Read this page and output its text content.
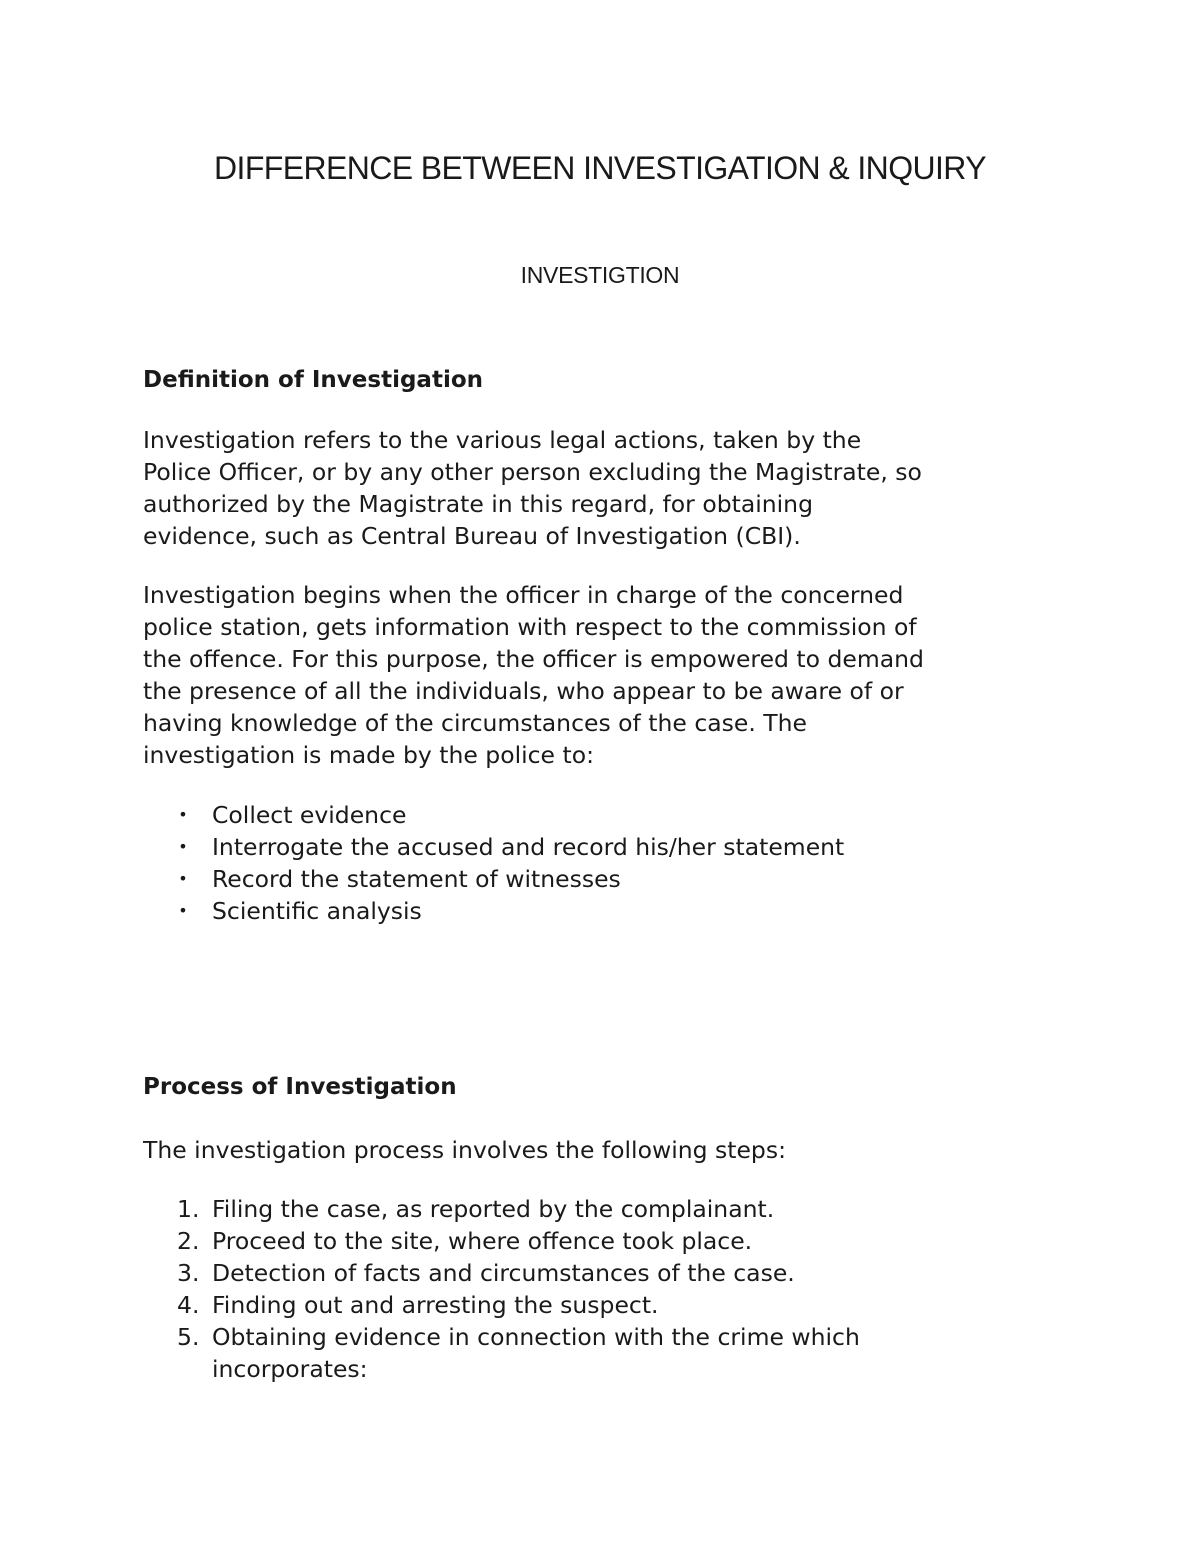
DIFFERENCE BETWEEN INVESTIGATION & INQUIRY
INVESTIGTION
Definition of Investigation

Investigation refers to the various legal actions, taken by the
Police Officer, or by any other person excluding the Magistrate, so
authorized by the Magistrate in this regard, for obtaining
evidence, such as Central Bureau of Investigation (CBI).

Investigation begins when the officer in charge of the concerned
police station, gets information with respect to the commission of
the offence. For this purpose, the officer is empowered to demand
the presence of all the individuals, who appear to be aware of or
having knowledge of the circumstances of the case. The
investigation is made by the police to:

• Collect evidence
• Interrogate the accused and record his/her statement
• Record the statement of witnesses
• Scientific analysis
Process of Investigation

The investigation process involves the following steps:

1. Filing the case, as reported by the complainant.
2. Proceed to the site, where offence took place.
3. Detection of facts and circumstances of the case.
4. Finding out and arresting the suspect.
5. Obtaining evidence in connection with the crime which
incorporates:
